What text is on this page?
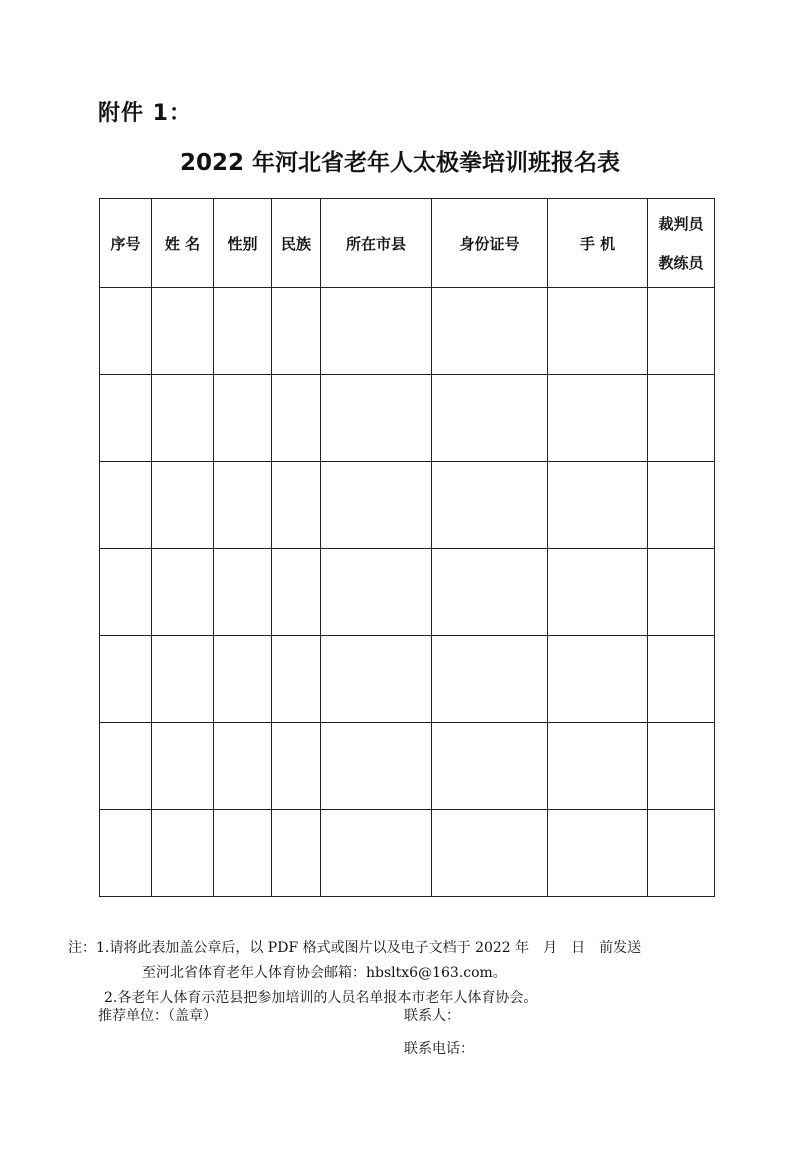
附件 1：
2022 年河北省老年人太极拳培训班报名表
序号	姓 名	性别	民族	所在市县	身份证号	手 机	裁判员
教练员

注：1.请将此表加盖公章后，以 PDF 格式或图片以及电子文档于 2022 年　月　日　前发送
至河北省体育老年人体育协会邮箱：hbsltx6@163.com。
2.各老年人体育示范县把参加培训的人员名单报本市老年人体育协会。
推荐单位：（盖章）	联系人：
联系电话：
